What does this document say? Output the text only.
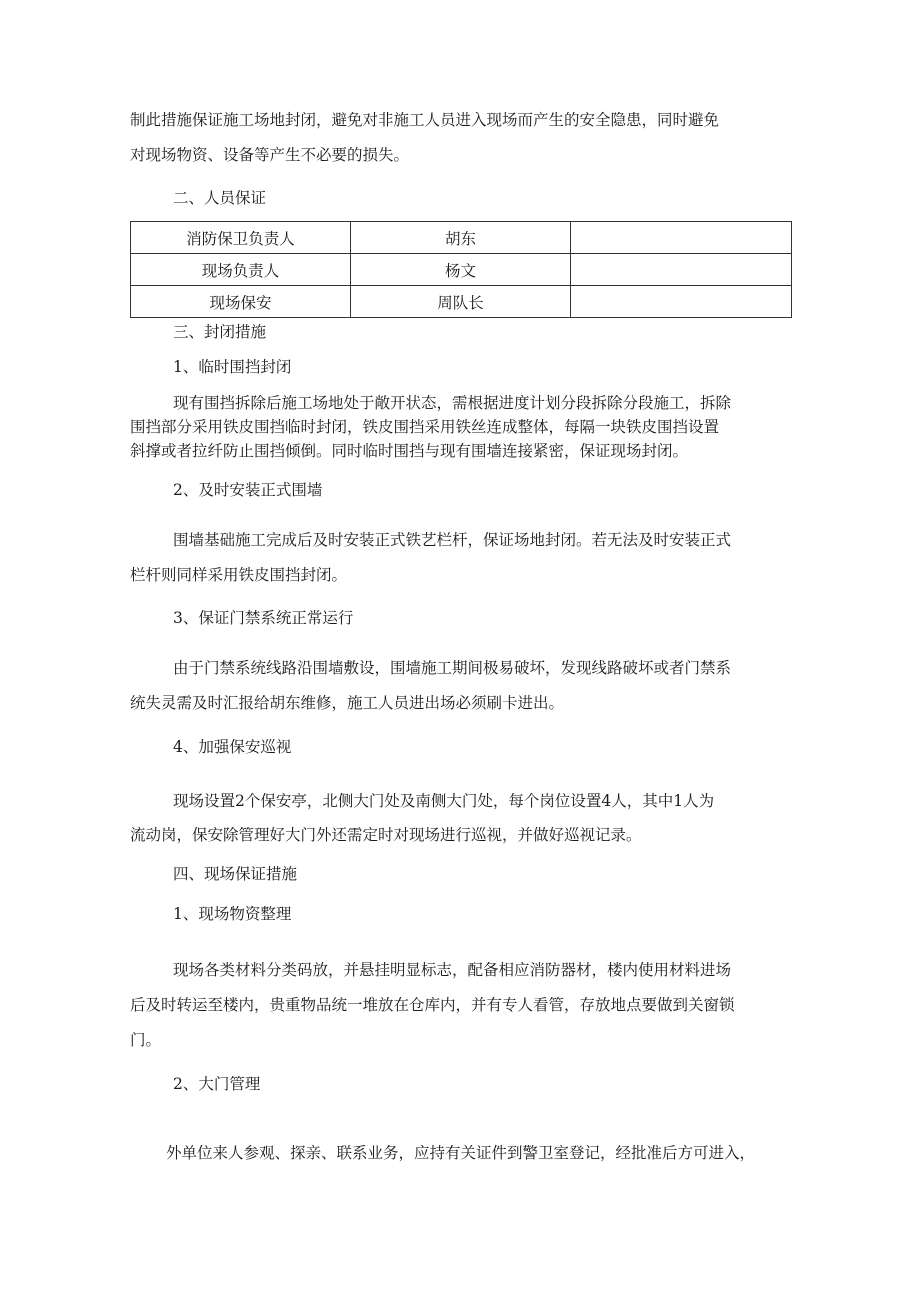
制此措施保证施工场地封闭，避免对非施工人员进入现场而产生的安全隐患，同时避免
对现场物资、设备等产生不必要的损失。
二、人员保证
消防保卫负责人	胡东	
现场负责人	杨文	
现场保安	周队长	
三、封闭措施
1、临时围挡封闭
现有围挡拆除后施工场地处于敞开状态，需根据进度计划分段拆除分段施工，拆除
围挡部分采用铁皮围挡临时封闭，铁皮围挡采用铁丝连成整体，每隔一块铁皮围挡设置
斜撑或者拉纤防止围挡倾倒。同时临时围挡与现有围墙连接紧密，保证现场封闭。
2、及时安装正式围墙
围墙基础施工完成后及时安装正式铁艺栏杆，保证场地封闭。若无法及时安装正式
栏杆则同样采用铁皮围挡封闭。
3、保证门禁系统正常运行
由于门禁系统线路沿围墙敷设，围墙施工期间极易破坏，发现线路破坏或者门禁系
统失灵需及时汇报给胡东维修，施工人员进出场必须刷卡进出。
4、加强保安巡视
现场设置2个保安亭，北侧大门处及南侧大门处，每个岗位设置4人，其中1人为
流动岗，保安除管理好大门外还需定时对现场进行巡视，并做好巡视记录。
四、现场保证措施
1、现场物资整理
现场各类材料分类码放，并悬挂明显标志，配备相应消防器材，楼内使用材料进场
后及时转运至楼内，贵重物品统一堆放在仓库内，并有专人看管，存放地点要做到关窗锁
门。
2、大门管理
外单位来人参观、探亲、联系业务，应持有关证件到警卫室登记，经批准后方可进入，
